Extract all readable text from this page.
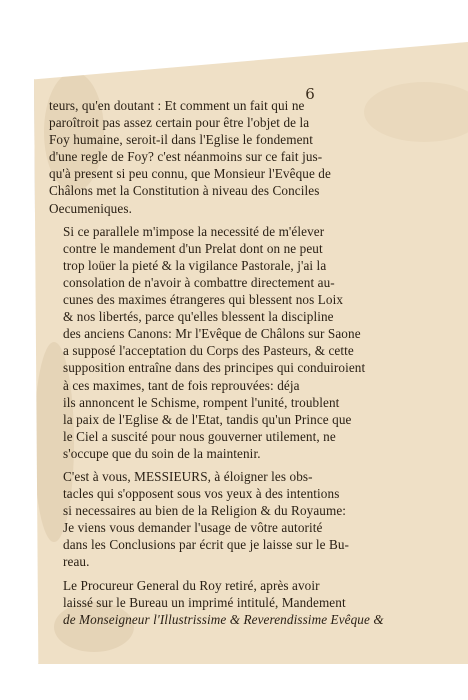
6
teurs, qu'en doutant : Et comment un fait qui ne
paroîtroit pas assez certain pour être l'objet de la
Foy humaine, seroit-il dans l'Eglise le fondement
d'une regle de Foy? c'est néanmoins sur ce fait jus-
qu'à present si peu connu, que Monsieur l'Evêque de
Châlons met la Constitution à niveau des Conciles
Oecumeniques.
Si ce parallele m'impose la necessité de m'élever
contre le mandement d'un Prelat dont on ne peut
trop loüer la pieté & la vigilance Pastorale, j'ai la
consolation de n'avoir à combattre directement au-
cunes des maximes étrangeres qui blessent nos Loix
& nos libertés, parce qu'elles blessent la discipline
des anciens Canons: Mr l'Evêque de Châlons sur Saone
a supposé l'acceptation du Corps des Pasteurs, & cette
supposition entraîne dans des principes qui conduiroient
à ces maximes, tant de fois reprouvées: déja
ils annoncent le Schisme, rompent l'unité, troublent
la paix de l'Eglise & de l'Etat, tandis qu'un Prince que
le Ciel a suscité pour nous gouverner utilement, ne
s'occupe que du soin de la maintenir.
C'est à vous, MESSIEURS, à éloigner les obs-
tacles qui s'opposent sous vos yeux à des intentions
si necessaires au bien de la Religion & du Royaume:
Je viens vous demander l'usage de vôtre autorité
dans les Conclusions par écrit que je laisse sur le Bu-
reau.
Le Procureur General du Roy retiré, après avoir
laissé sur le Bureau un imprimé intitulé, Mandement
de Monseigneur l'Illustrissime & Reverendissime Evêque &
